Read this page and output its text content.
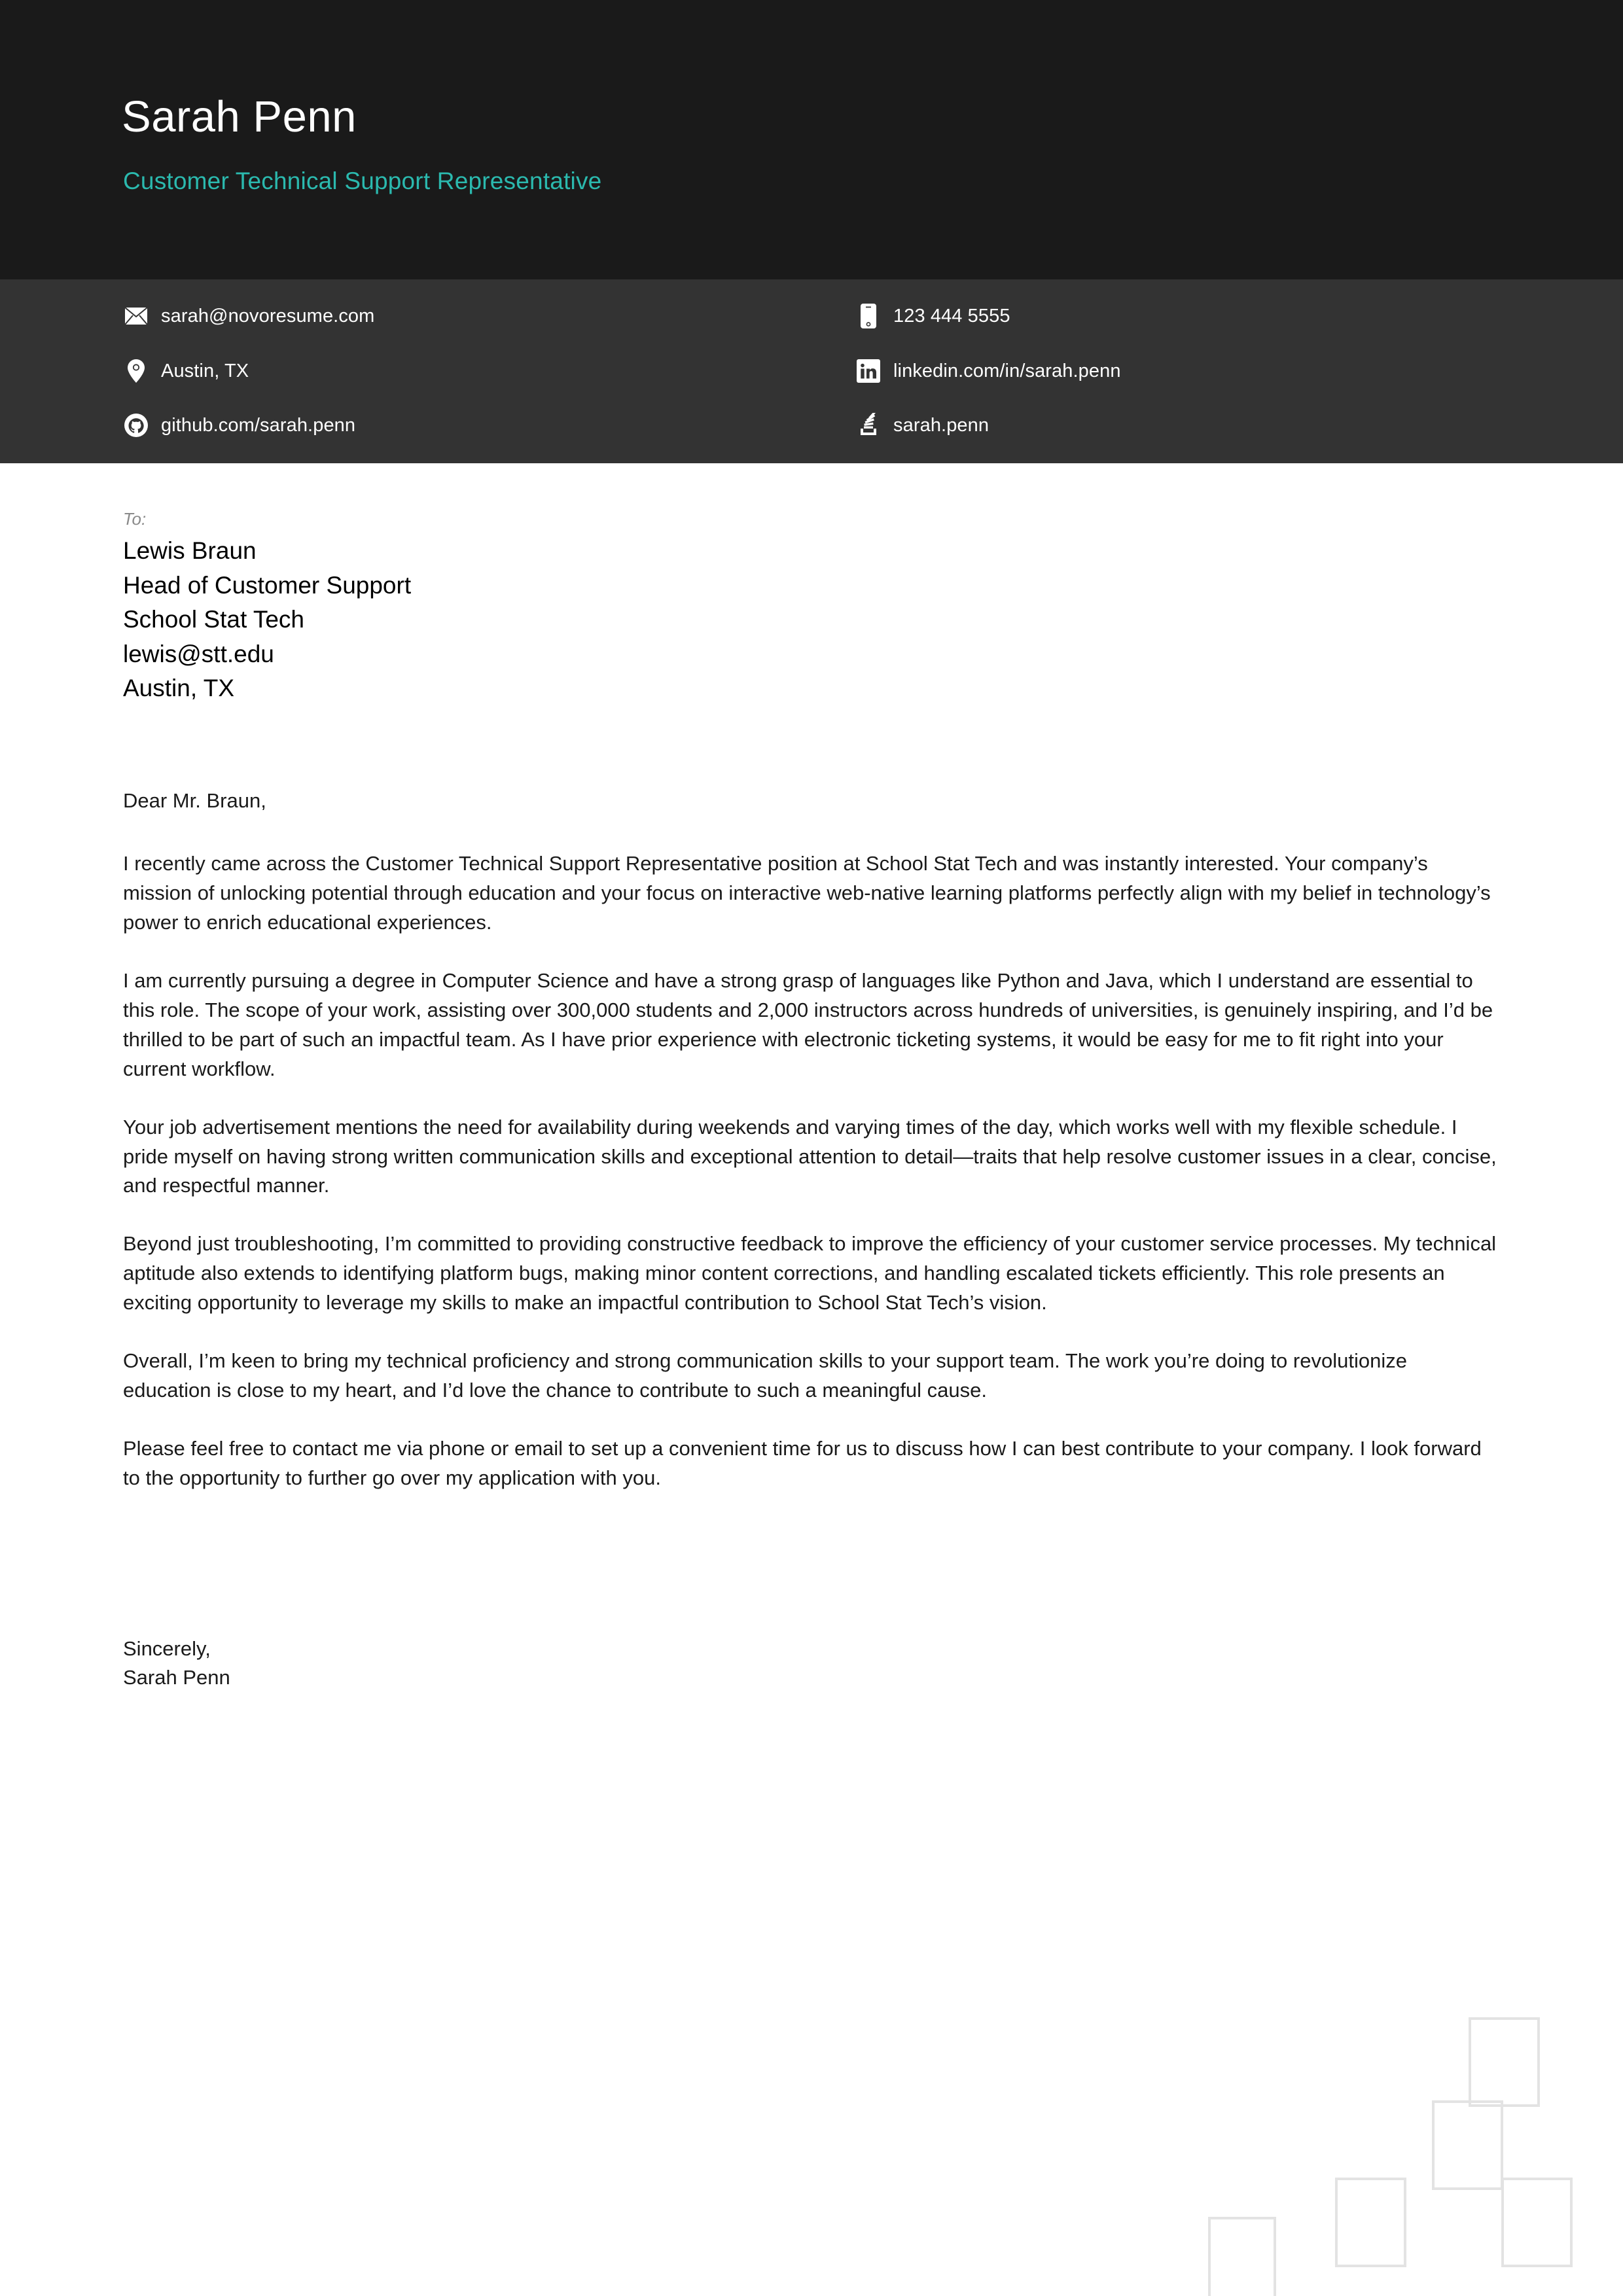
Sarah Penn
Customer Technical Support Representative
sarah@novoresume.com
Austin, TX
github.com/sarah.penn
123 444 5555
linkedin.com/in/sarah.penn
sarah.penn
To:
Lewis Braun
Head of Customer Support
School Stat Tech
lewis@stt.edu
Austin, TX
Dear Mr. Braun,

I recently came across the Customer Technical Support Representative position at School Stat Tech and was instantly interested. Your company’s mission of unlocking potential through education and your focus on interactive web-native learning platforms perfectly align with my belief in technology’s power to enrich educational experiences.

I am currently pursuing a degree in Computer Science and have a strong grasp of languages like Python and Java, which I understand are essential to this role. The scope of your work, assisting over 300,000 students and 2,000 instructors across hundreds of universities, is genuinely inspiring, and I’d be thrilled to be part of such an impactful team. As I have prior experience with electronic ticketing systems, it would be easy for me to fit right into your current workflow.

Your job advertisement mentions the need for availability during weekends and varying times of the day, which works well with my flexible schedule. I pride myself on having strong written communication skills and exceptional attention to detail—traits that help resolve customer issues in a clear, concise, and respectful manner.

Beyond just troubleshooting, I’m committed to providing constructive feedback to improve the efficiency of your customer service processes. My technical aptitude also extends to identifying platform bugs, making minor content corrections, and handling escalated tickets efficiently. This role presents an exciting opportunity to leverage my skills to make an impactful contribution to School Stat Tech’s vision.

Overall, I’m keen to bring my technical proficiency and strong communication skills to your support team. The work you’re doing to revolutionize education is close to my heart, and I’d love the chance to contribute to such a meaningful cause.

Please feel free to contact me via phone or email to set up a convenient time for us to discuss how I can best contribute to your company. I look forward to the opportunity to further go over my application with you.

Sincerely,
Sarah Penn
